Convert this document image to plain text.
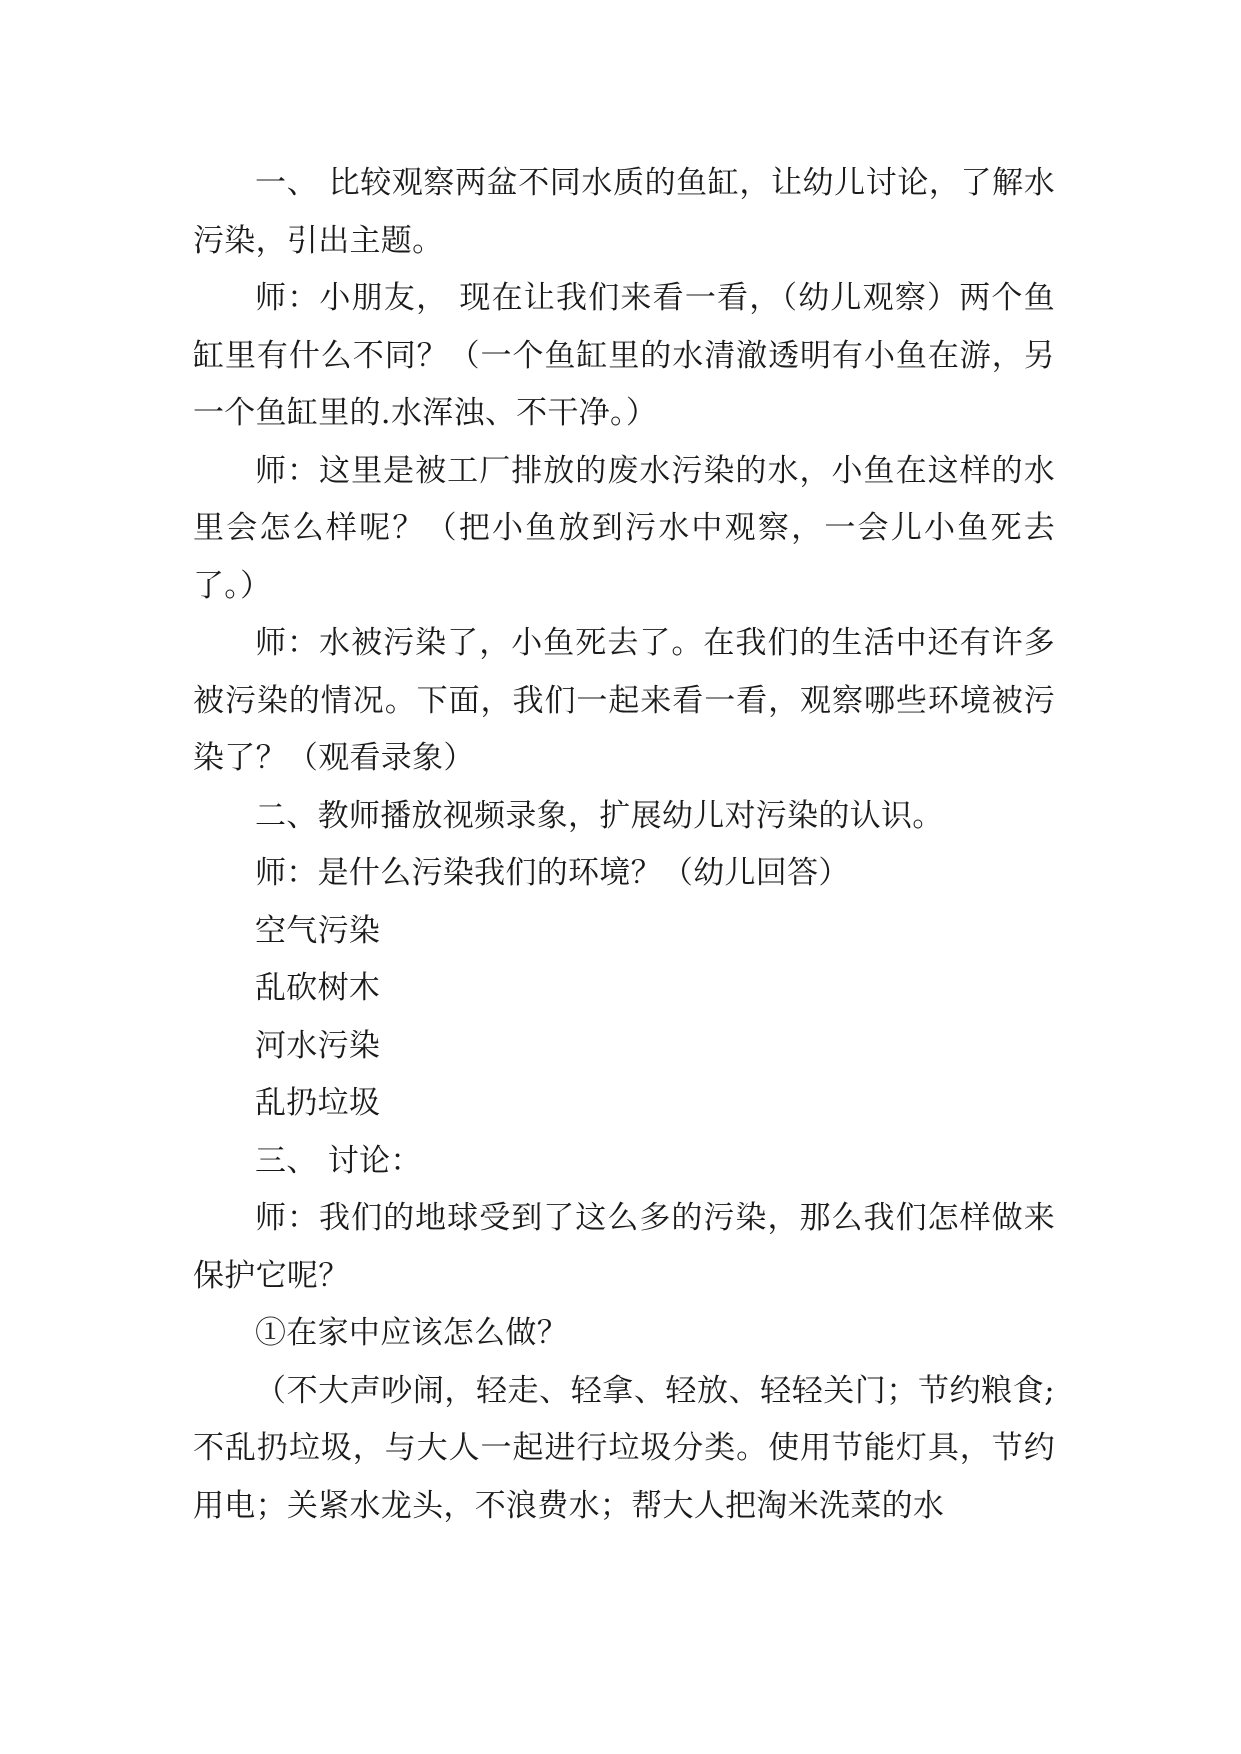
一、 比较观察两盆不同水质的鱼缸，让幼儿讨论，了解水污染，引出主题。

师：小朋友， 现在让我们来看一看，（幼儿观察）两个鱼缸里有什么不同？（一个鱼缸里的水清澈透明有小鱼在游，另一个鱼缸里的.水浑浊、不干净。）

师：这里是被工厂排放的废水污染的水，小鱼在这样的水里会怎么样呢？（把小鱼放到污水中观察，一会儿小鱼死去了。）

师：水被污染了，小鱼死去了。在我们的生活中还有许多被污染的情况。下面，我们一起来看一看，观察哪些环境被污染了？（观看录象）

二、教师播放视频录象，扩展幼儿对污染的认识。

师：是什么污染我们的环境？（幼儿回答）

空气污染

乱砍树木

河水污染

乱扔垃圾

三、 讨论：

师：我们的地球受到了这么多的污染，那么我们怎样做来保护它呢？

①在家中应该怎么做？

（不大声吵闹，轻走、轻拿、轻放、轻轻关门；节约粮食; 不乱扔垃圾，与大人一起进行垃圾分类。使用节能灯具，节约用电；关紧水龙头，不浪费水；帮大人把淘米洗菜的水
